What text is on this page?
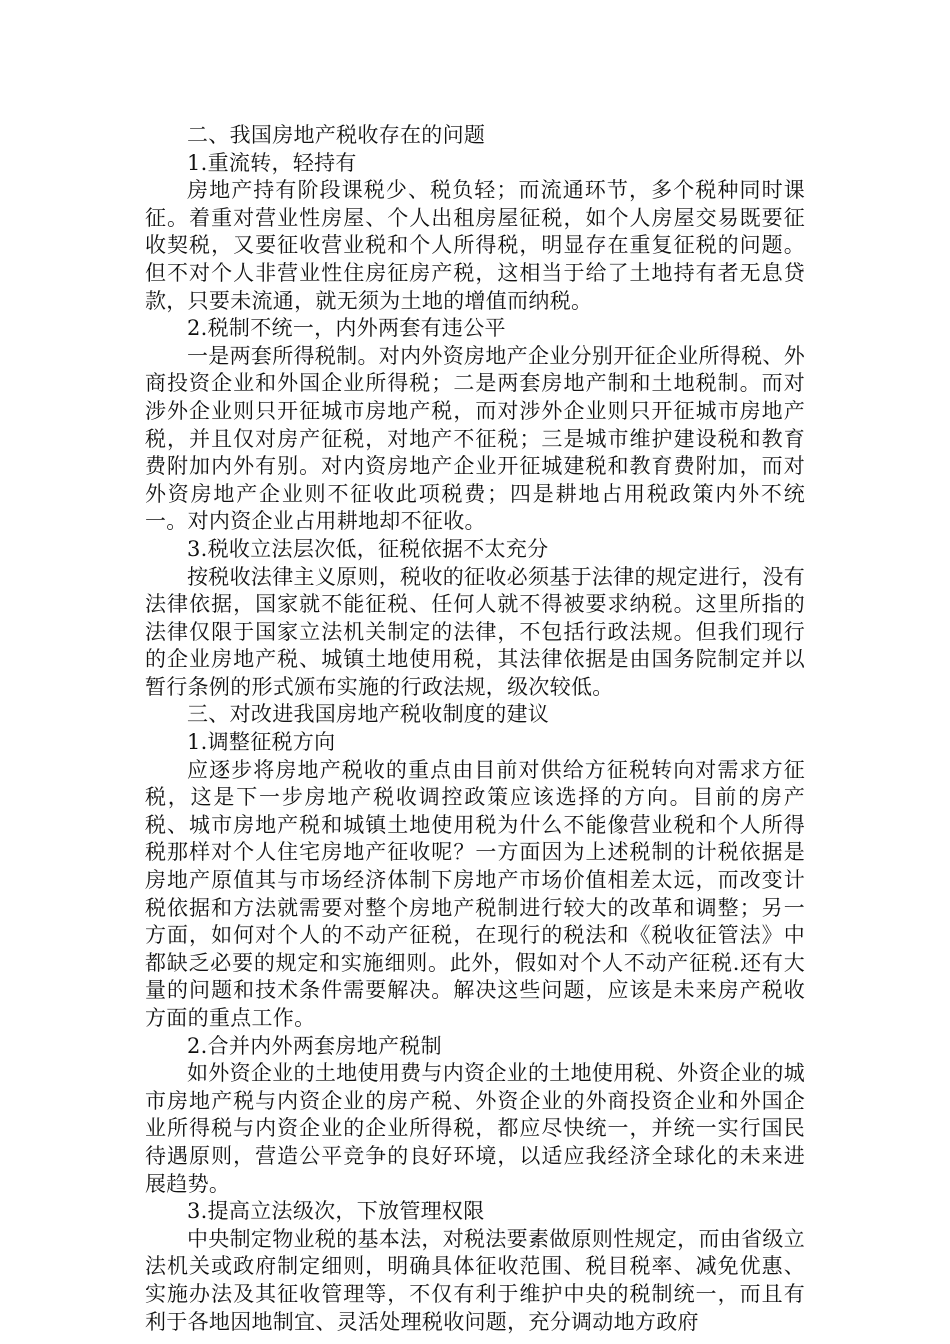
二、我国房地产税收存在的问题

1.重流转，轻持有

房地产持有阶段课税少、税负轻；而流通环节，多个税种同时课征。着重对营业性房屋、个人出租房屋征税，如个人房屋交易既要征收契税，又要征收营业税和个人所得税，明显存在重复征税的问题。但不对个人非营业性住房征房产税，这相当于给了土地持有者无息贷款，只要未流通，就无须为土地的增值而纳税。

2.税制不统一，内外两套有违公平

一是两套所得税制。对内外资房地产企业分别开征企业所得税、外商投资企业和外国企业所得税；二是两套房地产制和土地税制。而对涉外企业则只开征城市房地产税，而对涉外企业则只开征城市房地产税，并且仅对房产征税，对地产不征税；三是城市维护建设税和教育费附加内外有别。对内资房地产企业开征城建税和教育费附加，而对外资房地产企业则不征收此项税费；四是耕地占用税政策内外不统一。对内资企业占用耕地却不征收。

3.税收立法层次低，征税依据不太充分

按税收法律主义原则，税收的征收必须基于法律的规定进行，没有法律依据，国家就不能征税、任何人就不得被要求纳税。这里所指的法律仅限于国家立法机关制定的法律，不包括行政法规。但我们现行的企业房地产税、城镇土地使用税，其法律依据是由国务院制定并以暂行条例的形式颁布实施的行政法规，级次较低。

三、对改进我国房地产税收制度的建议

1.调整征税方向

应逐步将房地产税收的重点由目前对供给方征税转向对需求方征税，这是下一步房地产税收调控政策应该选择的方向。目前的房产税、城市房地产税和城镇土地使用税为什么不能像营业税和个人所得税那样对个人住宅房地产征收呢？一方面因为上述税制的计税依据是房地产原值其与市场经济体制下房地产市场价值相差太远，而改变计税依据和方法就需要对整个房地产税制进行较大的改革和调整；另一方面，如何对个人的不动产征税，在现行的税法和《税收征管法》中都缺乏必要的规定和实施细则。此外，假如对个人不动产征税.还有大量的问题和技术条件需要解决。解决这些问题，应该是未来房产税收方面的重点工作。

2.合并内外两套房地产税制

如外资企业的土地使用费与内资企业的土地使用税、外资企业的城市房地产税与内资企业的房产税、外资企业的外商投资企业和外国企业所得税与内资企业的企业所得税，都应尽快统一，并统一实行国民待遇原则，营造公平竞争的良好环境，以适应我经济全球化的未来进展趋势。

3.提高立法级次，下放管理权限

中央制定物业税的基本法，对税法要素做原则性规定，而由省级立法机关或政府制定细则，明确具体征收范围、税目税率、减免优惠、实施办法及其征收管理等，不仅有利于维护中央的税制统一，而且有利于各地因地制宜、灵活处理税收问题，充分调动地方政府
